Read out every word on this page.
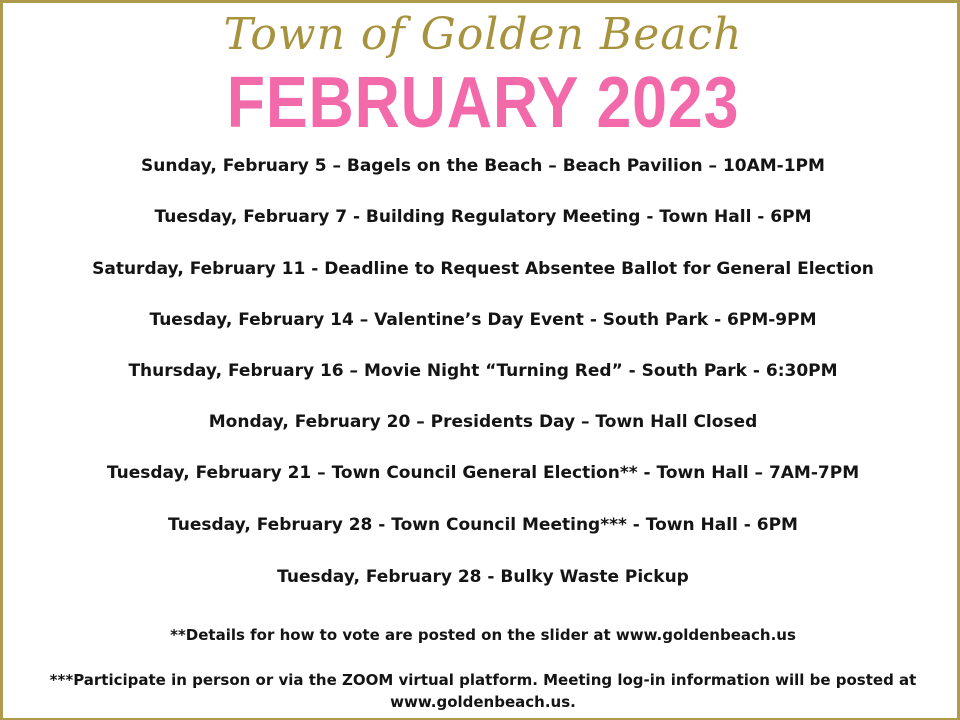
Town of Golden Beach
FEBRUARY 2023
Sunday, February 5 – Bagels on the Beach – Beach Pavilion – 10AM-1PM
Tuesday, February 7 - Building Regulatory Meeting - Town Hall - 6PM
Saturday, February 11 - Deadline to Request Absentee Ballot for General Election
Tuesday, February 14 – Valentine’s Day Event - South Park - 6PM-9PM
Thursday, February 16 – Movie Night “Turning Red” - South Park - 6:30PM
Monday, February 20 – Presidents Day – Town Hall Closed
Tuesday, February 21 – Town Council General Election** - Town Hall – 7AM-7PM
Tuesday, February 28 - Town Council Meeting*** - Town Hall - 6PM
Tuesday, February 28 - Bulky Waste Pickup
**Details for how to vote are posted on the slider at www.goldenbeach.us
***Participate in person or via the ZOOM virtual platform. Meeting log-in information will be posted at www.goldenbeach.us.
